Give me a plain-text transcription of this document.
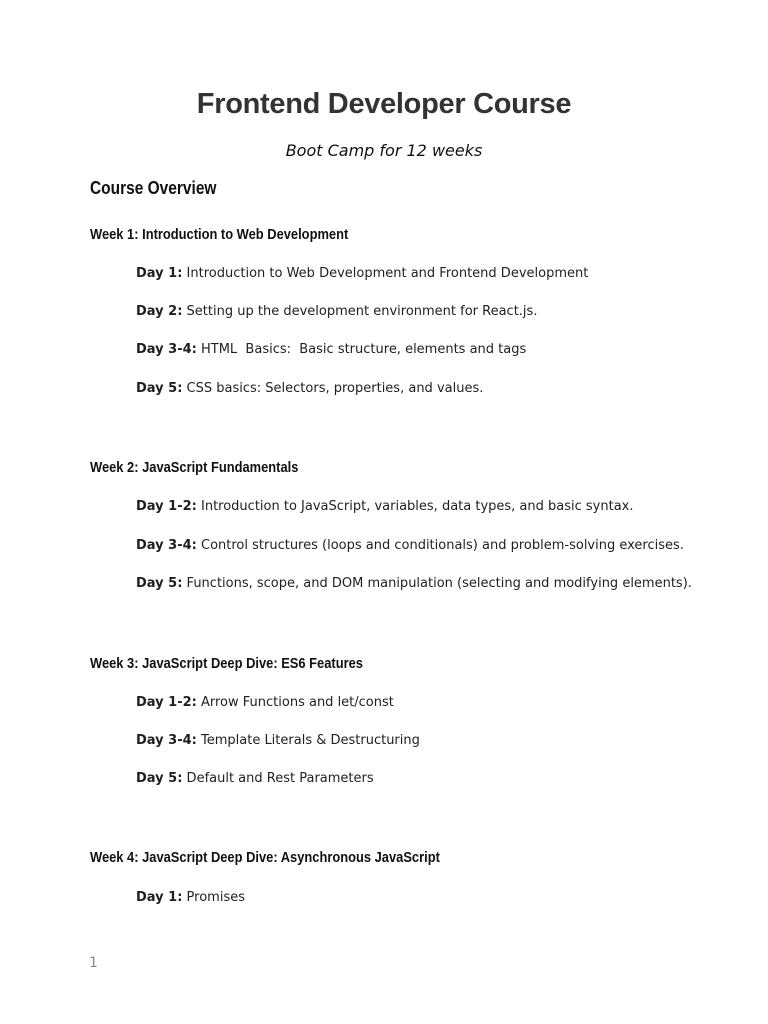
Frontend Developer Course

Boot Camp for 12 weeks

Course Overview
Week 1: Introduction to Web Development

Day 1: Introduction to Web Development and Frontend Development

Day 2: Setting up the development environment for React.js.

Day 3-4: HTML  Basics:  Basic structure, elements and tags

Day 5: CSS basics: Selectors, properties, and values.

Week 2: JavaScript Fundamentals

Day 1-2: Introduction to JavaScript, variables, data types, and basic syntax.

Day 3-4: Control structures (loops and conditionals) and problem-solving exercises.

Day 5: Functions, scope, and DOM manipulation (selecting and modifying elements).

Week 3: JavaScript Deep Dive: ES6 Features

Day 1-2: Arrow Functions and let/const

Day 3-4: Template Literals & Destructuring

Day 5: Default and Rest Parameters

Week 4: JavaScript Deep Dive: Asynchronous JavaScript

Day 1: Promises

1
